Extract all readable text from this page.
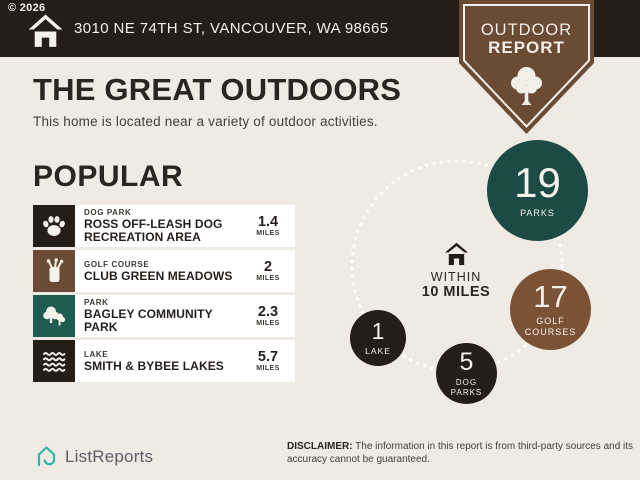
© 2026
3010 NE 74TH ST, VANCOUVER, WA 98665	OUTDOOR
REPORT
THE GREAT OUTDOORS
This home is located near a variety of outdoor activities.
POPULAR
DOG PARK
ROSS OFF-LEASH DOG RECREATION AREA
1.4
MILES
GOLF COURSE
CLUB GREEN MEADOWS
2
MILES
PARK
BAGLEY COMMUNITY PARK
2.3
MILES
LAKE
SMITH & BYBEE LAKES
5.7
MILES
WITHIN
10 MILES
19
PARKS
17
GOLF COURSES
1
LAKE	5
DOG PARKS
ListReports	DISCLAIMER: The information in this report is from third-party sources and its accuracy cannot be guaranteed.
